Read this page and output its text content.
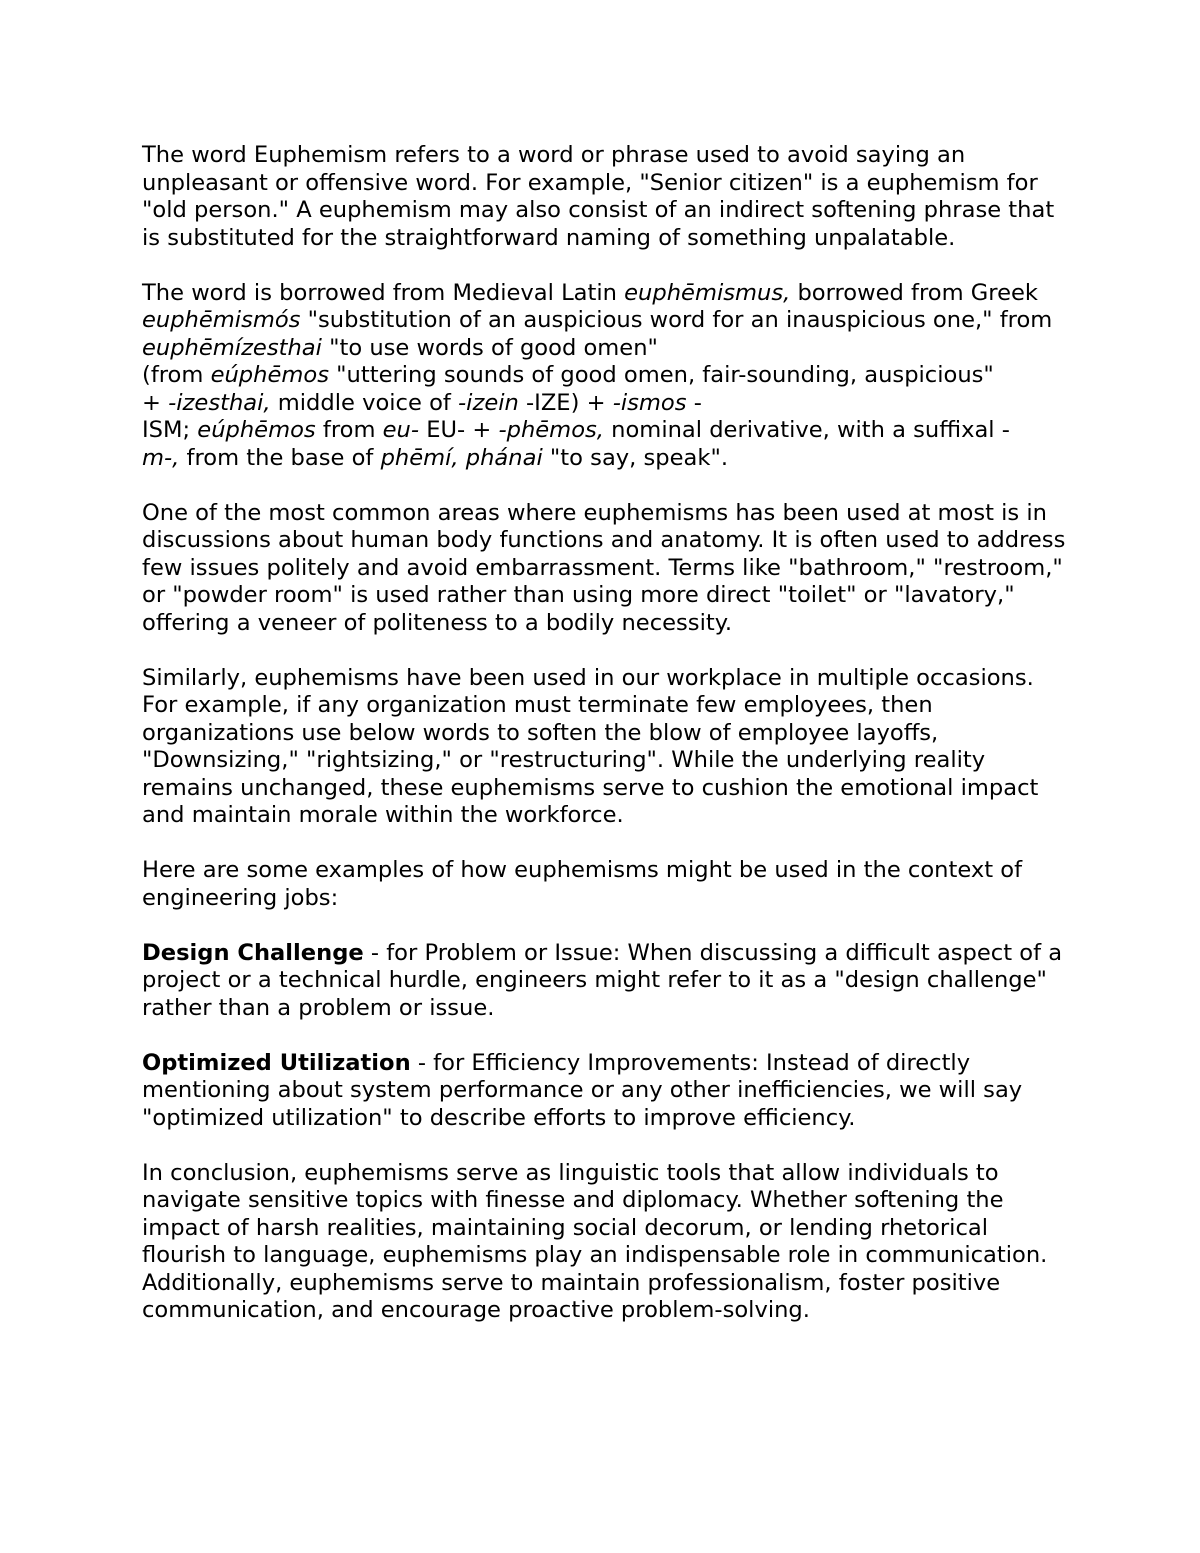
The word Euphemism refers to a word or phrase used to avoid saying an unpleasant or offensive word. For example, "Senior citizen" is a euphemism for "old person." A euphemism may also consist of an indirect softening phrase that is substituted for the straightforward naming of something unpalatable.

The word is borrowed from Medieval Latin euphēmismus, borrowed from Greek euphēmismós "substitution of an auspicious word for an inauspicious one," from euphēmízesthai "to use words of good omen"
(from eúphēmos "uttering sounds of good omen, fair-sounding, auspicious"
+ -izesthai, middle voice of -izein -IZE) + -ismos -
ISM; eúphēmos from eu- EU- + -phēmos, nominal derivative, with a suffixal -
m-, from the base of phēmí, phánai "to say, speak".

One of the most common areas where euphemisms has been used at most is in discussions about human body functions and anatomy. It is often used to address few issues politely and avoid embarrassment. Terms like "bathroom," "restroom," or "powder room" is used rather than using more direct "toilet" or "lavatory," offering a veneer of politeness to a bodily necessity.

Similarly, euphemisms have been used in our workplace in multiple occasions. For example, if any organization must terminate few employees, then organizations use below words to soften the blow of employee layoffs, "Downsizing," "rightsizing," or "restructuring". While the underlying reality remains unchanged, these euphemisms serve to cushion the emotional impact and maintain morale within the workforce.

Here are some examples of how euphemisms might be used in the context of engineering jobs:

Design Challenge - for Problem or Issue: When discussing a difficult aspect of a project or a technical hurdle, engineers might refer to it as a "design challenge" rather than a problem or issue.

Optimized Utilization - for Efficiency Improvements: Instead of directly mentioning about system performance or any other inefficiencies, we will say "optimized utilization" to describe efforts to improve efficiency.

In conclusion, euphemisms serve as linguistic tools that allow individuals to navigate sensitive topics with finesse and diplomacy. Whether softening the impact of harsh realities, maintaining social decorum, or lending rhetorical flourish to language, euphemisms play an indispensable role in communication. Additionally, euphemisms serve to maintain professionalism, foster positive communication, and encourage proactive problem-solving.
